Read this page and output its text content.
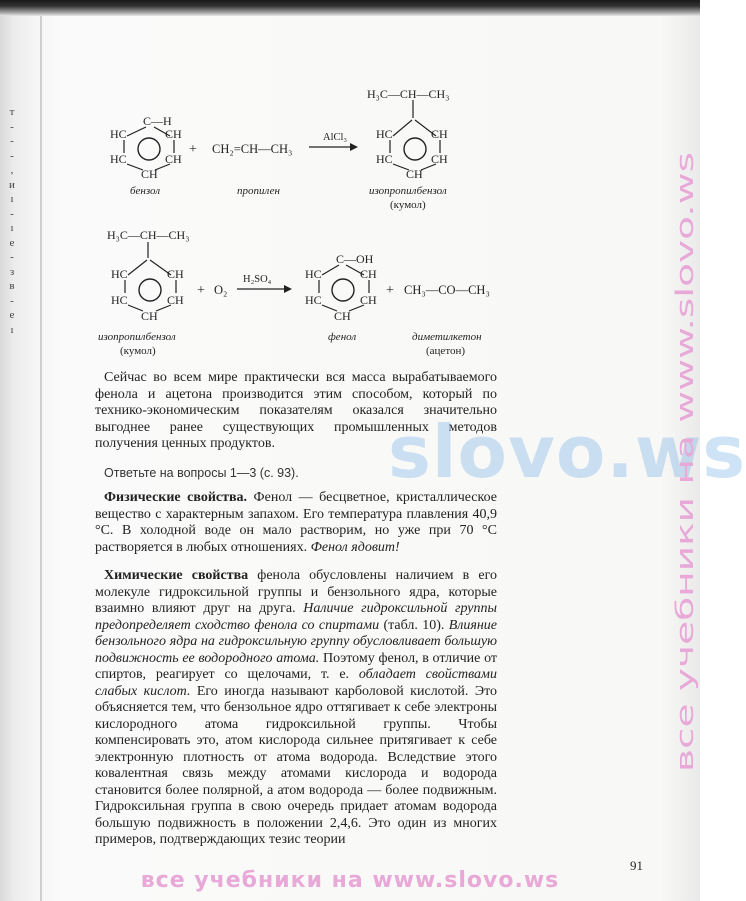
т
-
-
-
,
и
ı
-
ı
е
-
з
в
-
е
ı
C—H
HC	CH
HC	CH
CH
+ CH₂=CH—CH₃
AlCl₃
H₃C—CH—CH₃
HC	CH
HC	CH
CH
бензол	пропилен	изопропилбензол
(кумол)
H₃C—CH—CH₃
HC	CH
HC	CH
CH
+ O₂
H₂SO₄
C—OH
HC	CH
HC	CH
CH
+ CH₃—CO—CH₃
изопропилбензол
(кумол)
фенол	диметилкетон
(ацетон)

Сейчас во всем мире практически вся масса вырабатываемого фенола и ацетона производится этим способом, который по технико-экономическим показателям оказался значительно выгоднее ранее существующих промышленных методов получения ценных продуктов.

Ответьте на вопросы 1—3 (с. 93).

Физические свойства. Фенол — бесцветное, кристаллическое вещество с характерным запахом. Его температура плавления 40,9 °C. В холодной воде он мало растворим, но уже при 70 °C растворяется в любых отношениях. Фенол ядовит!

Химические свойства фенола обусловлены наличием в его молекуле гидроксильной группы и бензольного ядра, которые взаимно влияют друг на друга. Наличие гидроксильной группы предопределяет сходство фенола со спиртами (табл. 10). Влияние бензольного ядра на гидроксильную группу обусловливает большую подвижность ее водородного атома. Поэтому фенол, в отличие от спиртов, реагирует со щелочами, т. е. обладает свойствами слабых кислот. Его иногда называют карболовой кислотой. Это объясняется тем, что бензольное ядро оттягивает к себе электроны кислородного атома гидроксильной группы. Чтобы компенсировать это, атом кислорода сильнее притягивает к себе электронную плотность от атома водорода. Вследствие этого ковалентная связь между атомами кислорода и водорода становится более полярной, а атом водорода — более подвижным. Гидроксильная группа в свою очередь придает атомам водорода большую подвижность в положении 2,4,6. Это один из многих примеров, подтверждающих тезис теории

91
slovo.ws
все учебники на www.slovo.ws
все учебники на www.slovo.ws
